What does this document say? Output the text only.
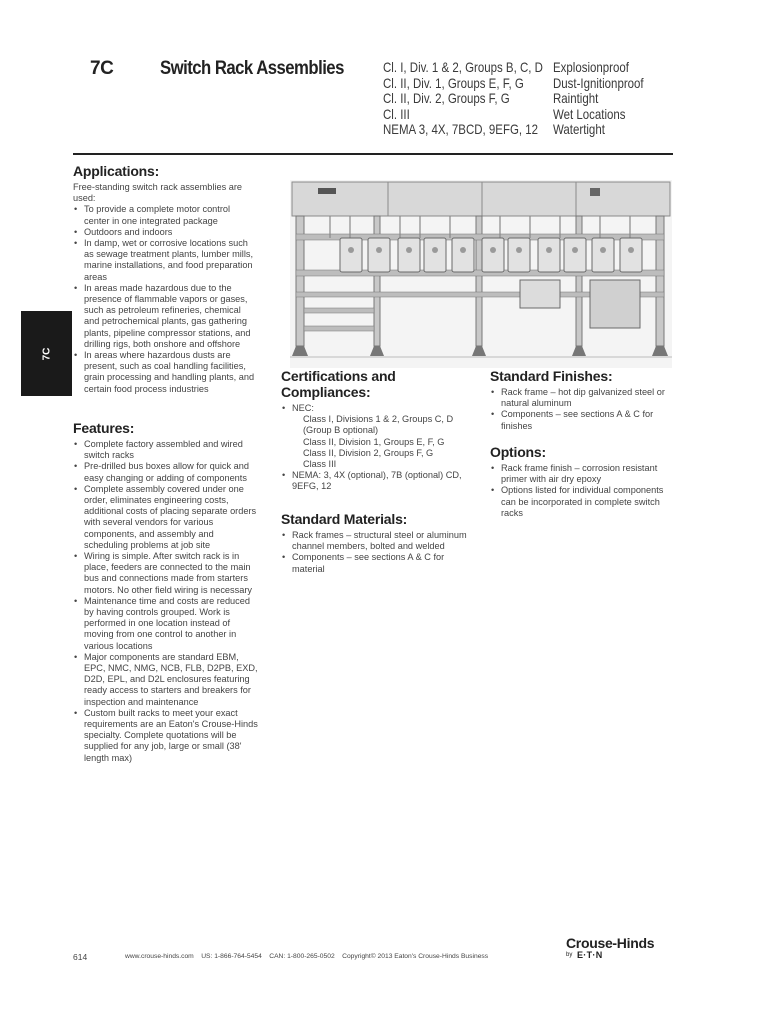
7C Switch Rack Assemblies	Cl. I, Div. 1 & 2, Groups B, C, D
Cl. II, Div. 1, Groups E, F, G
Cl. II, Div. 2, Groups F, G
Cl. III
NEMA 3, 4X, 7BCD, 9EFG, 12
Explosionproof
Dust-Ignitionproof
Raintight
Wet Locations
Watertight
7C
Applications:

Free-standing switch rack assemblies are used:

• To provide a complete motor control center in one integrated package
• Outdoors and indoors
• In damp, wet or corrosive locations such as sewage treatment plants, lumber mills, marine installations, and food preparation areas
• In areas made hazardous due to the presence of flammable vapors or gases, such as petroleum refineries, chemical and petrochemical plants, gas gathering plants, pipeline compressor stations, and drilling rigs, both onshore and offshore
• In areas where hazardous dusts are present, such as coal handling facilities, grain processing and handling plants, and certain food process industries
Features:
• Complete factory assembled and wired switch racks
• Pre-drilled bus boxes allow for quick and easy changing or adding of components
• Complete assembly covered under one order, eliminates engineering costs, additional costs of placing separate orders with several vendors for various components, and assembly and scheduling problems at job site
• Wiring is simple. After switch rack is in place, feeders are connected to the main bus and connections made from starters motors. No other field wiring is necessary
• Maintenance time and costs are reduced by having controls grouped. Work is performed in one location instead of moving from one control to another in various locations
• Major components are standard EBM, EPC, NMC, NMG, NCB, FLB, D2PB, EXD, D2D, EPL, and D2L enclosures featuring ready access to starters and breakers for inspection and maintenance
• Custom built racks to meet your exact requirements are an Eaton's Crouse-Hinds specialty. Complete quotations will be supplied for any job, large or small (38' length max)
Certifications and Compliances:
• NEC:
Class I, Divisions 1 & 2, Groups C, D (Group B optional)
Class II, Division 1, Groups E, F, G
Class II, Division 2, Groups F, G
Class III
• NEMA: 3, 4X (optional), 7B (optional) CD, 9EFG, 12
Standard Materials:
• Rack frames – structural steel or aluminum channel members, bolted and welded
• Components – see sections A & C for material
Standard Finishes:
• Rack frame – hot dip galvanized steel or natural aluminum
• Components – see sections A & C for finishes
Options:
• Rack frame finish – corrosion resistant primer with air dry epoxy
• Options listed for individual components can be incorporated in complete switch racks
614	www.crouse-hinds.com US: 1-866-764-5454 CAN: 1-800-265-0502 Copyright© 2013 Eaton's Crouse-Hinds Business
Crouse-Hinds
by E·T·N
